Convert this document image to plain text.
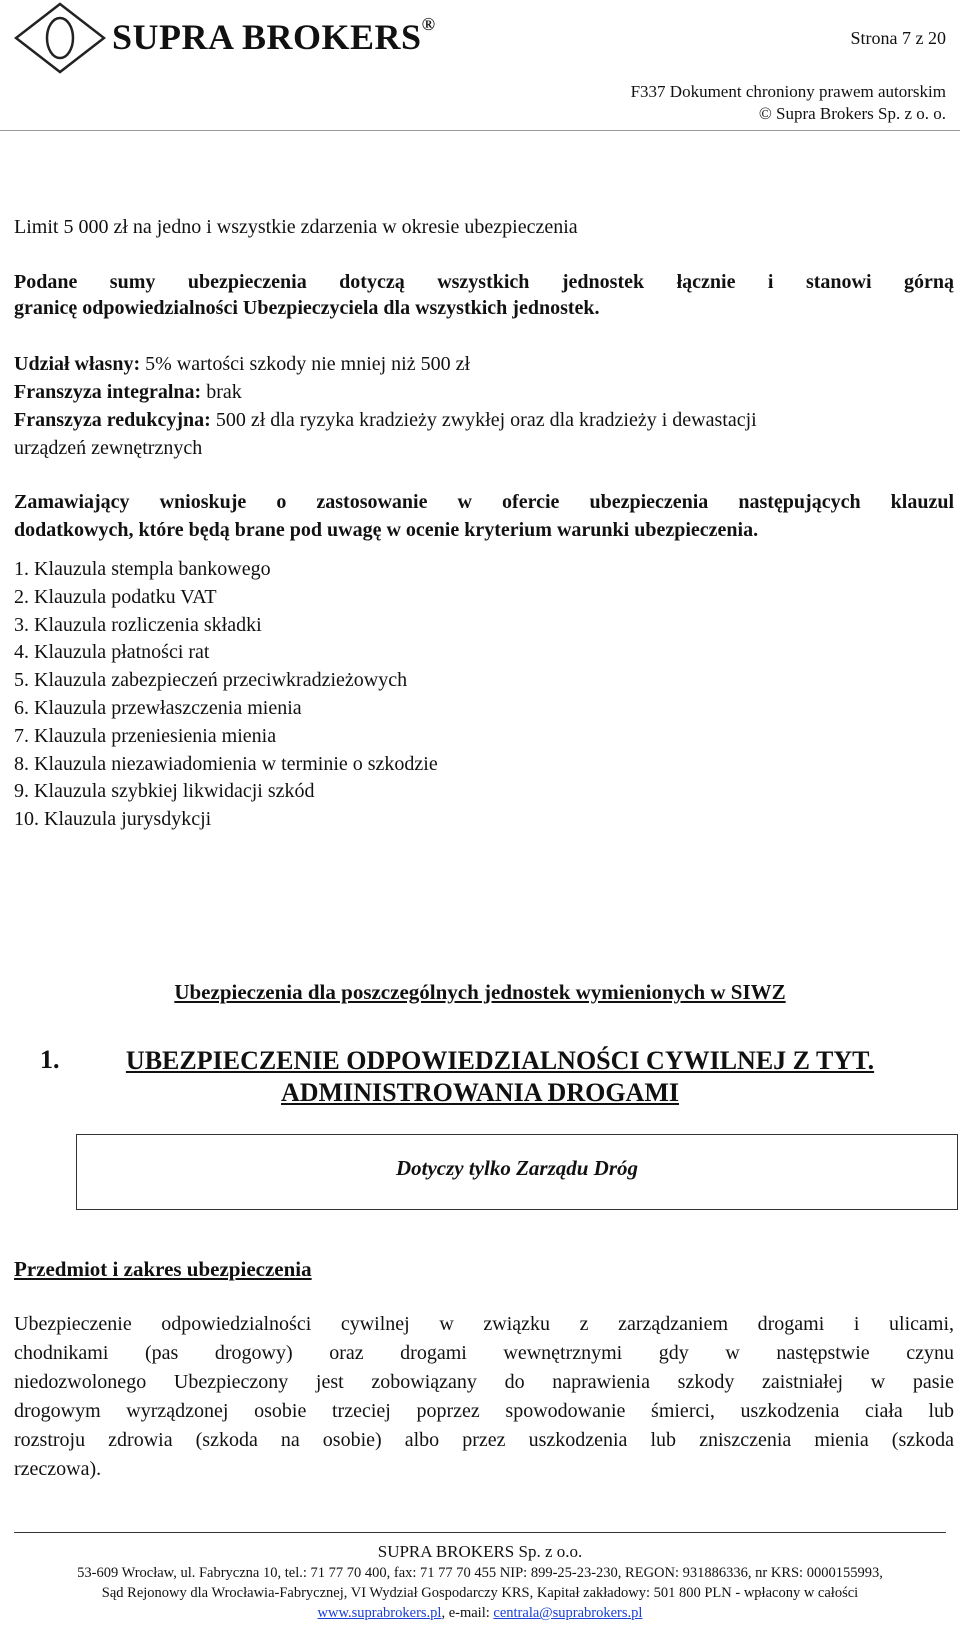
SUPRA BROKERS®
Strona 7 z 20
F337 Dokument chroniony prawem autorskim
© Supra Brokers Sp. z o. o.
Limit 5 000 zł na jedno i wszystkie zdarzenia w okresie ubezpieczenia
Podane sumy ubezpieczenia dotyczą wszystkich jednostek łącznie i stanowi górną
granicę odpowiedzialności Ubezpieczyciela dla wszystkich jednostek.
Udział własny: 5% wartości szkody nie mniej niż 500 zł
Franszyza integralna: brak
Franszyza redukcyjna: 500 zł dla ryzyka kradzieży zwykłej oraz dla kradzieży i dewastacji
urządzeń zewnętrznych
Zamawiający wnioskuje o zastosowanie w ofercie ubezpieczenia następujących klauzul
dodatkowych, które będą brane pod uwagę w ocenie kryterium warunki ubezpieczenia.
1. Klauzula stempla bankowego
2. Klauzula podatku VAT
3. Klauzula rozliczenia składki
4. Klauzula płatności rat
5. Klauzula zabezpieczeń przeciwkradzieżowych
6. Klauzula przewłaszczenia mienia
7. Klauzula przeniesienia mienia
8. Klauzula niezawiadomienia w terminie o szkodzie
9. Klauzula szybkiej likwidacji szkód
10. Klauzula jurysdykcji
Ubezpieczenia dla poszczególnych jednostek wymienionych w SIWZ
1.	UBEZPIECZENIE ODPOWIEDZIALNOŚCI CYWILNEJ Z TYT.
ADMINISTROWANIA DROGAMI
Dotyczy tylko Zarządu Dróg
Przedmiot i zakres ubezpieczenia
Ubezpieczenie odpowiedzialności cywilnej w związku z zarządzaniem drogami i ulicami,
chodnikami (pas drogowy) oraz drogami wewnętrznymi gdy w następstwie czynu
niedozwolonego Ubezpieczony jest zobowiązany do naprawienia szkody zaistniałej w pasie
drogowym wyrządzonej osobie trzeciej poprzez spowodowanie śmierci, uszkodzenia ciała lub
rozstroju zdrowia (szkoda na osobie) albo przez uszkodzenia lub zniszczenia mienia (szkoda
rzeczowa).
SUPRA BROKERS Sp. z o.o.
53-609 Wrocław, ul. Fabryczna 10, tel.: 71 77 70 400, fax: 71 77 70 455 NIP: 899-25-23-230, REGON: 931886336, nr KRS: 0000155993,
Sąd Rejonowy dla Wrocławia-Fabrycznej, VI Wydział Gospodarczy KRS, Kapitał zakładowy: 501 800 PLN - wpłacony w całości
www.suprabrokers.pl, e-mail: centrala@suprabrokers.pl
